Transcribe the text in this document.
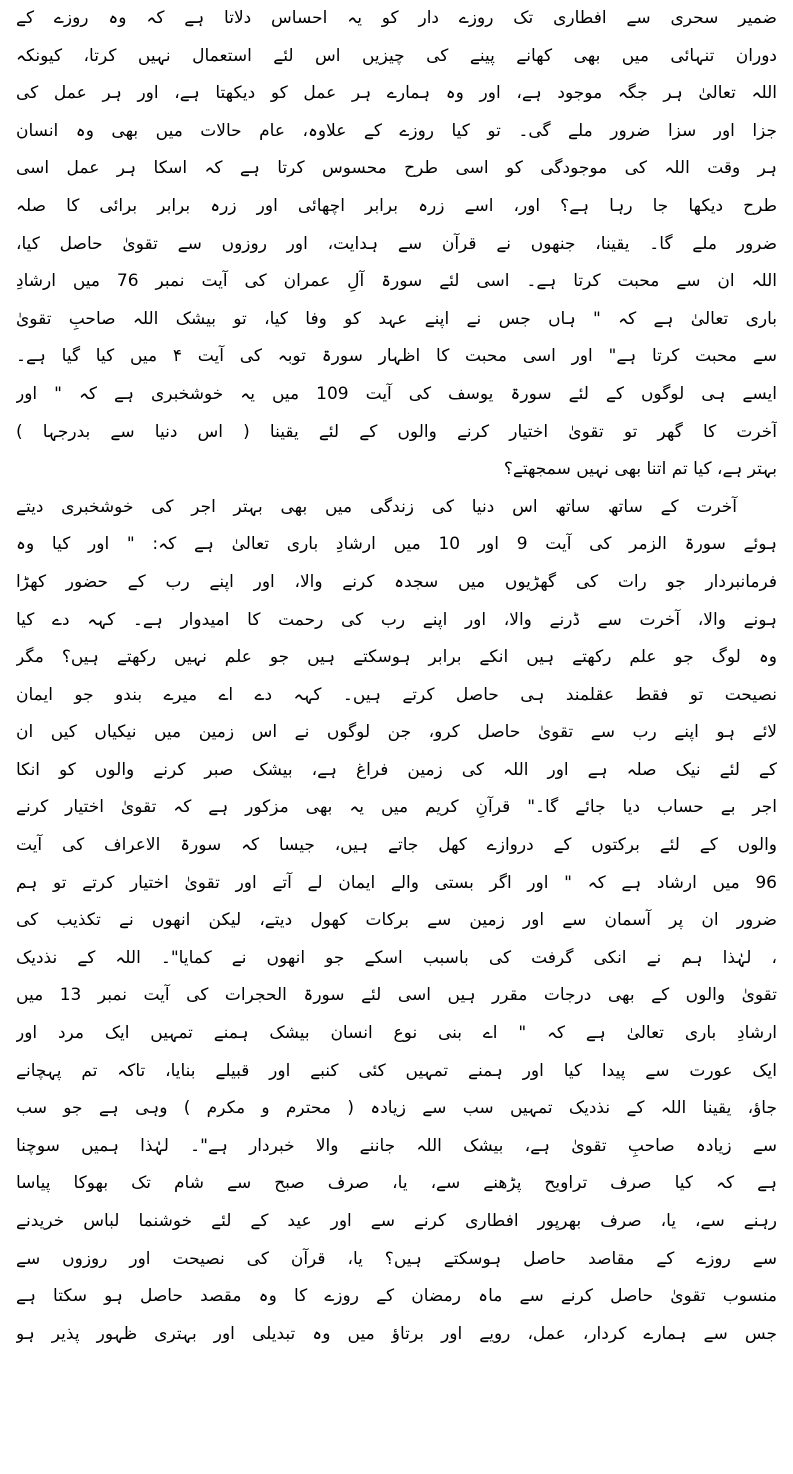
ضمیر سحری سے افطاری تک روزے دار کو یہ احساس دلاتا ہے کہ وہ روزے کے
دوران تنہائی میں بھی کھانے پینے کی چیزیں اس لئے استعمال نہیں کرتا، کیونکہ
اللہ تعالیٰ ہر جگہ موجود ہے، اور وہ ہمارے ہر عمل کو دیکھتا ہے، اور ہر عمل کی
جزا اور سزا ضرور ملے گی۔ تو کیا روزے کے علاوہ، عام حالات میں بھی وہ انسان
ہر وقت اللہ کی موجودگی کو اسی طرح محسوس کرتا ہے کہ اسکا ہر عمل اسی
طرح دیکھا جا رہا ہے؟ اور، اسے زرہ برابر اچھائی اور زرہ برابر برائی کا صلہ
ضرور ملے گا۔ یقینا، جنھوں نے قرآن سے ہدایت، اور روزوں سے تقویٰ حاصل کیا،
اللہ ان سے محبت کرتا ہے۔ اسی لئے سورۃ آلِ عمران کی آیت نمبر 76 میں ارشادِ
باری تعالیٰ ہے کہ " ہاں جس نے اپنے عہد کو وفا کیا، تو بیشک اللہ صاحبِ تقویٰ
سے محبت کرتا ہے" اور اسی محبت کا اظہار سورۃ توبہ کی آیت ۴ میں کیا گیا ہے۔
ایسے ہی لوگوں کے لئے سورۃ یوسف کی آیت 109 میں یہ خوشخبری ہے کہ " اور
آخرت کا گھر تو تقویٰ اختیار کرنے والوں کے لئے یقینا ( اس دنیا سے بدرجہا )
بہتر ہے، کیا تم اتنا بھی نہیں سمجھتے؟
آخرت کے ساتھ ساتھ اس دنیا کی زندگی میں بھی بہتر اجر کی خوشخبری دیتے
ہوئے سورۃ الزمر کی آیت 9 اور 10 میں ارشادِ باری تعالیٰ ہے کہ: " اور کیا وہ
فرمانبردار جو رات کی گھڑیوں میں سجدہ کرنے والا، اور اپنے رب کے حضور کھڑا
ہونے والا، آخرت سے ڈرنے والا، اور اپنے رب کی رحمت کا امیدوار ہے۔ کہہ دے کیا
وہ لوگ جو علم رکھتے ہیں انکے برابر ہوسکتے ہیں جو علم نہیں رکھتے ہیں؟ مگر
نصیحت تو فقط عقلمند ہی حاصل کرتے ہیں۔ کہہ دے اے میرے بندو جو ایمان
لائے ہو اپنے رب سے تقویٰ حاصل کرو، جن لوگوں نے اس زمین میں نیکیاں کیں ان
کے لئے نیک صلہ ہے اور اللہ کی زمین فراغ ہے، بیشک صبر کرنے والوں کو انکا
اجر بے حساب دیا جائے گا۔" قرآنِ کریم میں یہ بھی مزکور ہے کہ تقویٰ اختیار کرنے
والوں کے لئے برکتوں کے دروازے کھل جاتے ہیں، جیسا کہ سورۃ الاعراف کی آیت
96 میں ارشاد ہے کہ " اور اگر بستی والے ایمان لے آتے اور تقویٰ اختیار کرتے تو ہم
ضرور ان پر آسمان سے اور زمین سے برکات کھول دیتے، لیکن انھوں نے تکذیب کی
، لہٰذا ہم نے انکی گرفت کی باسبب اسکے جو انھوں نے کمایا"۔ اللہ کے نذدیک
تقویٰ والوں کے بھی درجات مقرر ہیں اسی لئے سورۃ الحجرات کی آیت نمبر 13 میں
ارشادِ باری تعالیٰ ہے کہ " اے بنی نوع انسان بیشک ہمنے تمہیں ایک مرد اور
ایک عورت سے پیدا کیا اور ہمنے تمہیں کئی کنبے اور قبیلے بنایا، تاکہ تم پہچانے
جاؤ، یقینا اللہ کے نذدیک تمہیں سب سے زیادہ ( محترم و مکرم ) وہی ہے جو سب
سے زیادہ صاحبِ تقویٰ ہے، بیشک اللہ جاننے والا خبردار ہے"۔ لہٰذا ہمیں سوچنا
ہے کہ کیا صرف تراویح پڑھنے سے، یا، صرف صبح سے شام تک بھوکا پیاسا
رہنے سے، یا، صرف بھرپور افطاری کرنے سے اور عید کے لئے خوشنما لباس خریدنے
سے روزے کے مقاصد حاصل ہوسکتے ہیں؟ یا، قرآن کی نصیحت اور روزوں سے
منسوب تقویٰ حاصل کرنے سے ماہ رمضان کے روزے کا وہ مقصد حاصل ہو سکتا ہے
جس سے ہمارے کردار، عمل، رویے اور برتاؤ میں وہ تبدیلی اور بہتری ظہور پذیر ہو
